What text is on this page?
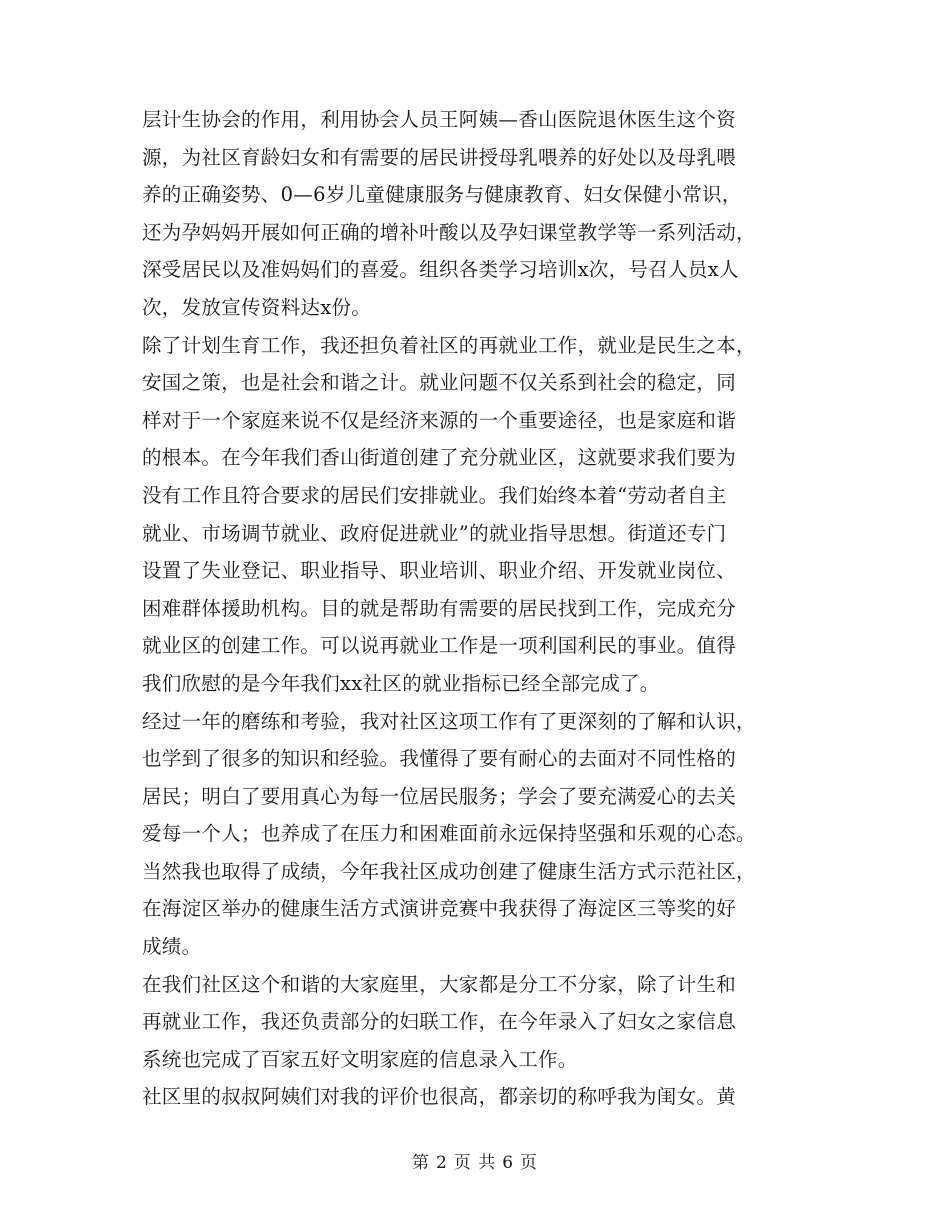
层计生协会的作用，利用协会人员王阿姨—香山医院退休医生这个资
源，为社区育龄妇女和有需要的居民讲授母乳喂养的好处以及母乳喂
养的正确姿势、0—6岁儿童健康服务与健康教育、妇女保健小常识，
还为孕妈妈开展如何正确的增补叶酸以及孕妇课堂教学等一系列活动，
深受居民以及准妈妈们的喜爱。组织各类学习培训x次，号召人员x人
次，发放宣传资料达x份。
除了计划生育工作，我还担负着社区的再就业工作，就业是民生之本，
安国之策，也是社会和谐之计。就业问题不仅关系到社会的稳定，同
样对于一个家庭来说不仅是经济来源的一个重要途径，也是家庭和谐
的根本。在今年我们香山街道创建了充分就业区，这就要求我们要为
没有工作且符合要求的居民们安排就业。我们始终本着“劳动者自主
就业、市场调节就业、政府促进就业”的就业指导思想。街道还专门
设置了失业登记、职业指导、职业培训、职业介绍、开发就业岗位、
困难群体援助机构。目的就是帮助有需要的居民找到工作，完成充分
就业区的创建工作。可以说再就业工作是一项利国利民的事业。值得
我们欣慰的是今年我们xx社区的就业指标已经全部完成了。
经过一年的磨练和考验，我对社区这项工作有了更深刻的了解和认识，
也学到了很多的知识和经验。我懂得了要有耐心的去面对不同性格的
居民；明白了要用真心为每一位居民服务；学会了要充满爱心的去关
爱每一个人；也养成了在压力和困难面前永远保持坚强和乐观的心态。
当然我也取得了成绩，今年我社区成功创建了健康生活方式示范社区，
在海淀区举办的健康生活方式演讲竞赛中我获得了海淀区三等奖的好
成绩。
在我们社区这个和谐的大家庭里，大家都是分工不分家，除了计生和
再就业工作，我还负责部分的妇联工作，在今年录入了妇女之家信息
系统也完成了百家五好文明家庭的信息录入工作。
社区里的叔叔阿姨们对我的评价也很高，都亲切的称呼我为闺女。黄
第 2 页 共 6 页
